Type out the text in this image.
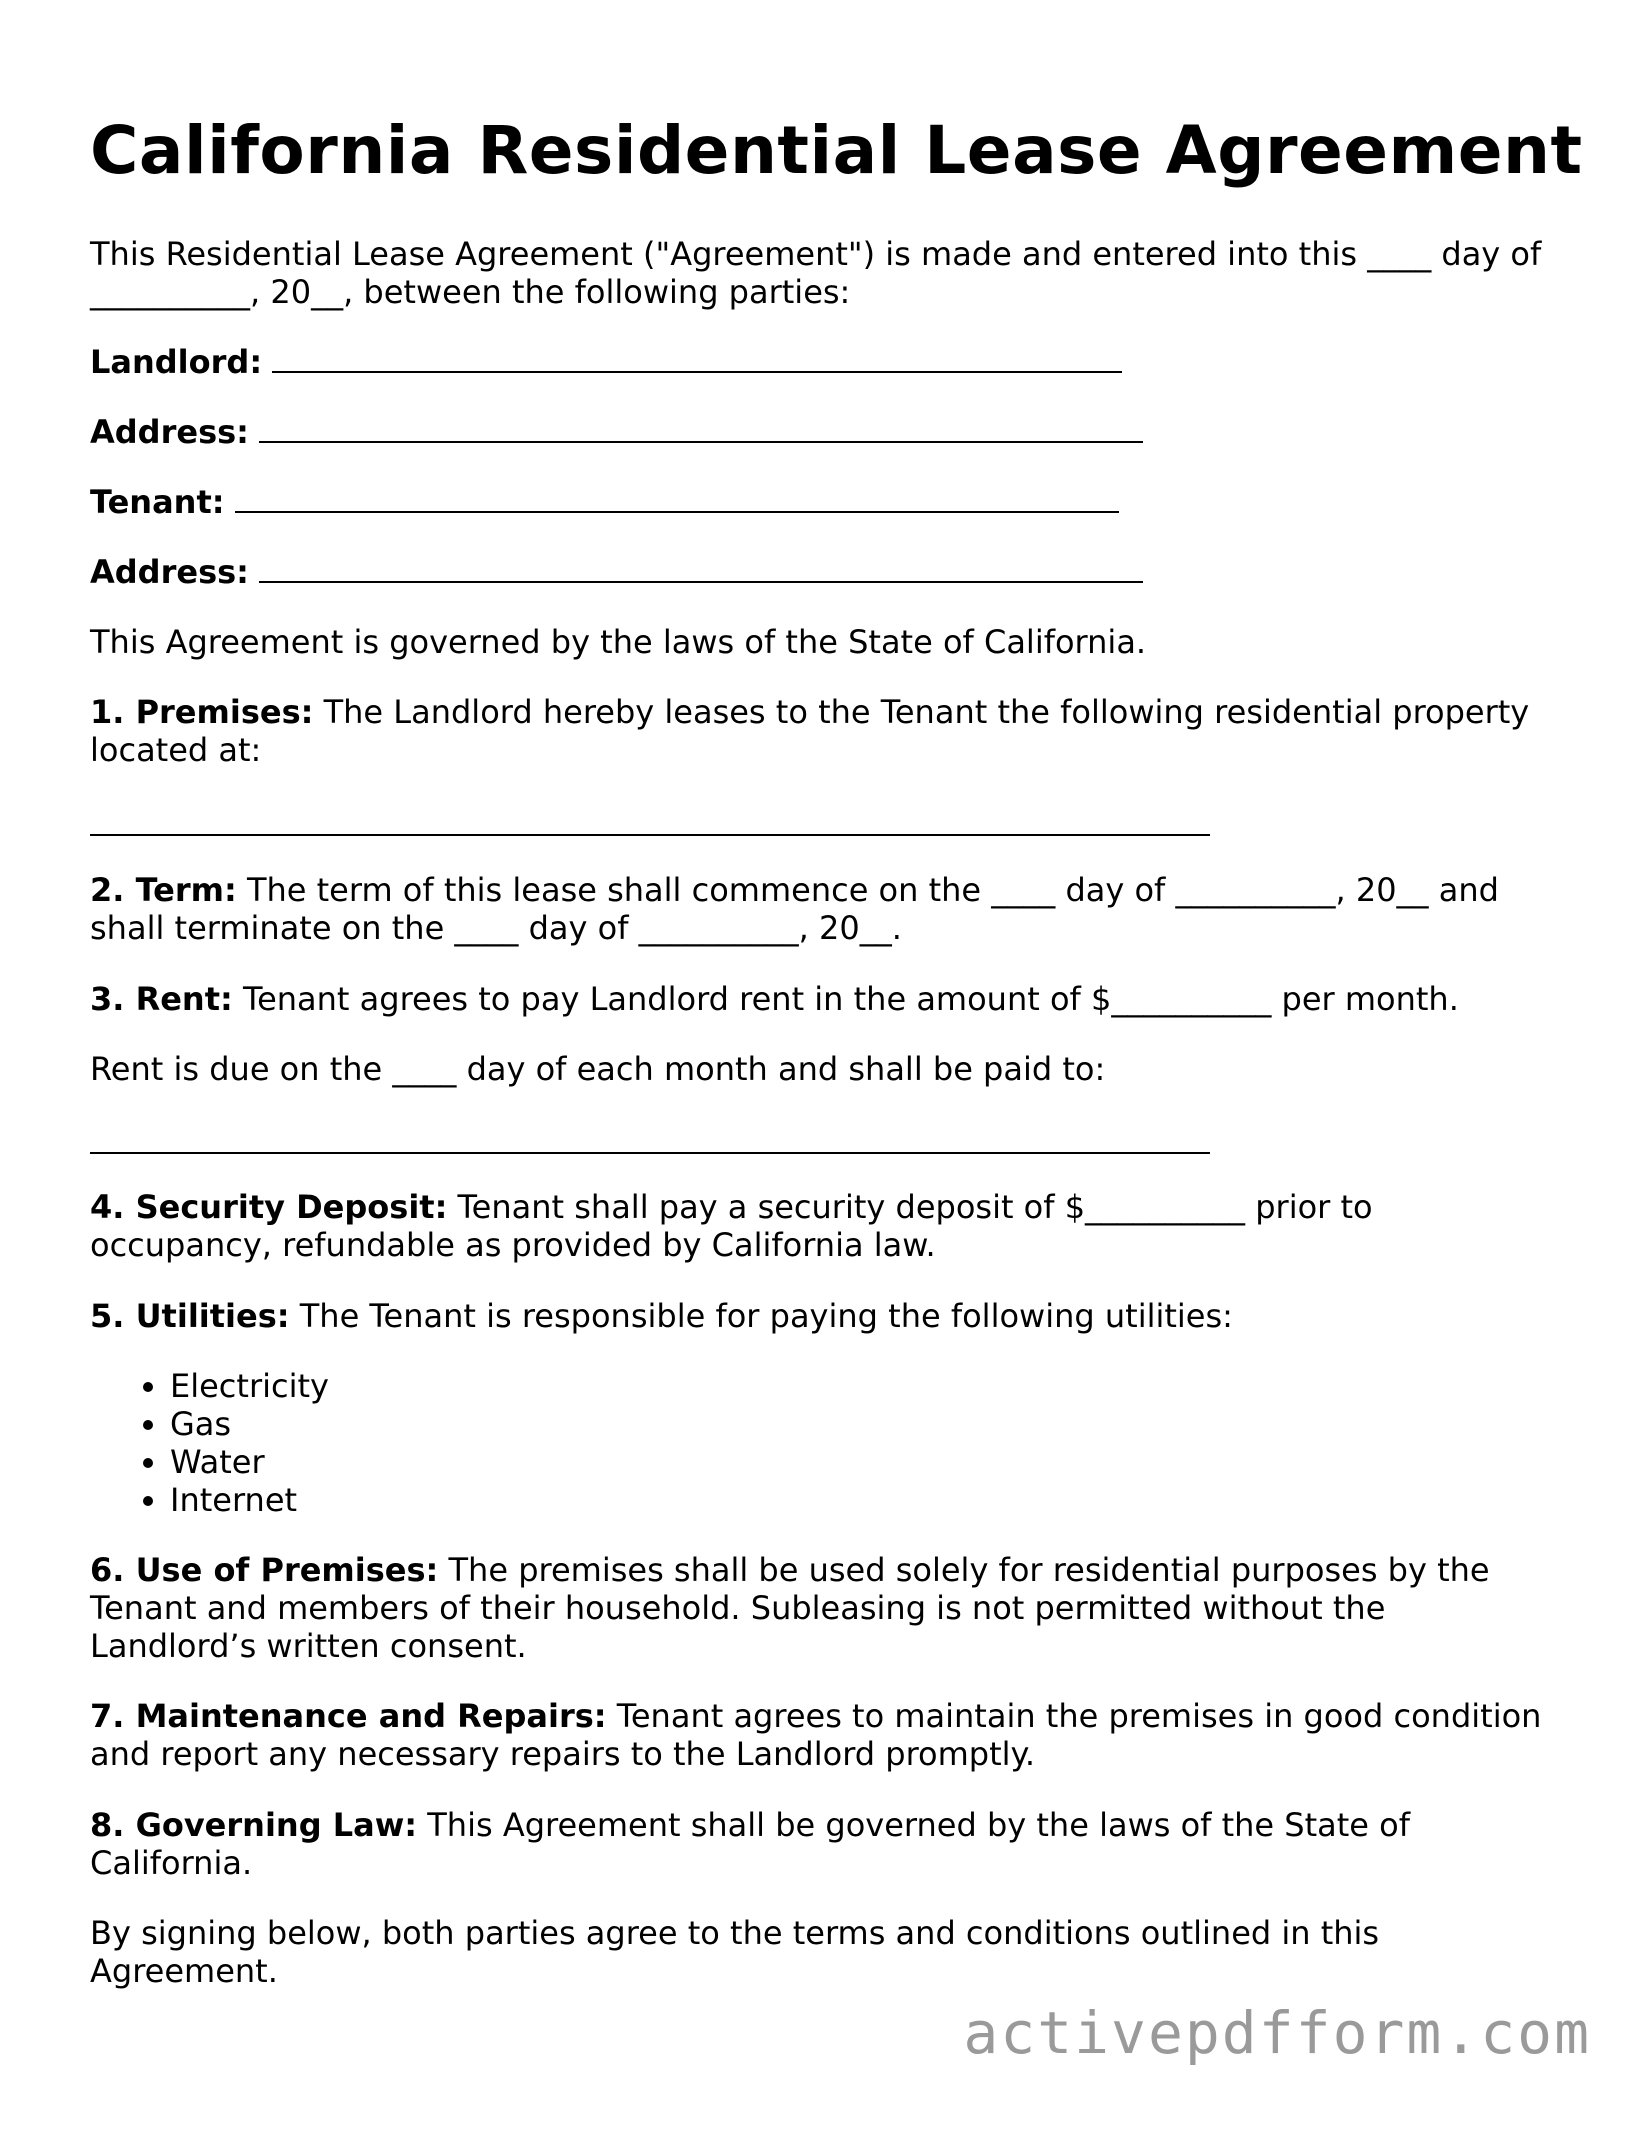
California Residential Lease Agreement

This Residential Lease Agreement ("Agreement") is made and entered into this ____ day of
__________, 20__, between the following parties:

Landlord:
Address:
Tenant:
Address:

This Agreement is governed by the laws of the State of California.

1. Premises: The Landlord hereby leases to the Tenant the following residential property
located at:

2. Term: The term of this lease shall commence on the ____ day of __________, 20__ and
shall terminate on the ____ day of __________, 20__.

3. Rent: Tenant agrees to pay Landlord rent in the amount of $__________ per month.

Rent is due on the ____ day of each month and shall be paid to:

4. Security Deposit: Tenant shall pay a security deposit of $__________ prior to
occupancy, refundable as provided by California law.

5. Utilities: The Tenant is responsible for paying the following utilities:

• Electricity
• Gas
• Water
• Internet

6. Use of Premises: The premises shall be used solely for residential purposes by the
Tenant and members of their household. Subleasing is not permitted without the
Landlord’s written consent.

7. Maintenance and Repairs: Tenant agrees to maintain the premises in good condition
and report any necessary repairs to the Landlord promptly.

8. Governing Law: This Agreement shall be governed by the laws of the State of
California.

By signing below, both parties agree to the terms and conditions outlined in this
Agreement.

activepdfform.com
